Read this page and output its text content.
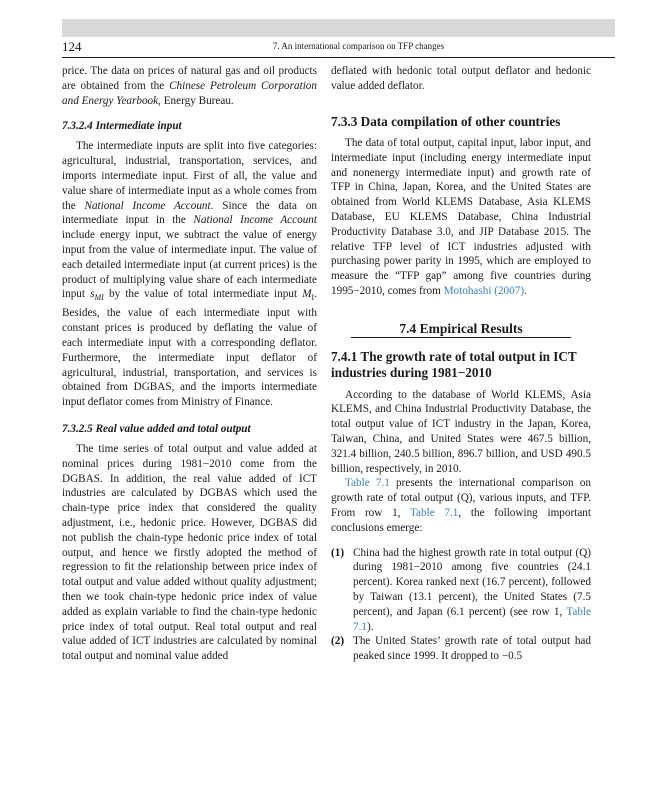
124	7. An international comparison on TFP changes

price. The data on prices of natural gas and oil products are obtained from the Chinese Petroleum Corporation and Energy Yearbook, Energy Bureau.

7.3.2.4 Intermediate input

The intermediate inputs are split into five categories: agricultural, industrial, transportation, services, and imports intermediate input. First of all, the value and value share of intermediate input as a whole comes from the National Income Account. Since the data on intermediate input in the National Income Account include energy input, we subtract the value of energy input from the value of intermediate input. The value of each detailed intermediate input (at current prices) is the product of multiplying value share of each intermediate input $s_{MI}$ by the value of total intermediate input $M_I$. Besides, the value of each intermediate input with constant prices is produced by deflating the value of each intermediate input with a corresponding deflator. Furthermore, the intermediate input deflator of agricultural, industrial, transportation, and services is obtained from DGBAS, and the imports intermediate input deflator comes from Ministry of Finance.

7.3.2.5 Real value added and total output

The time series of total output and value added at nominal prices during 1981−2010 come from the DGBAS. In addition, the real value added of ICT industries are calculated by DGBAS which used the chain-type price index that considered the quality adjustment, i.e., hedonic price. However, DGBAS did not publish the chain-type hedonic price index of total output, and hence we firstly adopted the method of regression to fit the relationship between price index of total output and value added without quality adjustment; then we took chain-type hedonic price index of value added as explain variable to find the chain-type hedonic price index of total output. Real total output and real value added of ICT industries are calculated by nominal total output and nominal value added

deflated with hedonic total output deflator and hedonic value added deflator.

7.3.3 Data compilation of other countries

The data of total output, capital input, labor input, and intermediate input (including energy intermediate input and nonenergy intermediate input) and growth rate of TFP in China, Japan, Korea, and the United States are obtained from World KLEMS Database, Asia KLEMS Database, EU KLEMS Database, China Industrial Productivity Database 3.0, and JIP Database 2015. The relative TFP level of ICT industries adjusted with purchasing power parity in 1995, which are employed to measure the “TFP gap” among five countries during 1995−2010, comes from Motohashi (2007).

7.4 Empirical Results
7.4.1 The growth rate of total output in ICT industries during 1981−2010

According to the database of World KLEMS, Asia KLEMS, and China Industrial Productivity Database, the total output value of ICT industry in the Japan, Korea, Taiwan, China, and United States were 467.5 billion, 321.4 billion, 240.5 billion, 896.7 billion, and USD 490.5 billion, respectively, in 2010.

Table 7.1 presents the international comparison on growth rate of total output (Q), various inputs, and TFP. From row 1, Table 7.1, the following important conclusions emerge:

(1) China had the highest growth rate in total output (Q) during 1981−2010 among five countries (24.1 percent). Korea ranked next (16.7 percent), followed by Taiwan (13.1 percent), the United States (7.5 percent), and Japan (6.1 percent) (see row 1, Table 7.1).
(2) The United States’ growth rate of total output had peaked since 1999. It dropped to −0.5
